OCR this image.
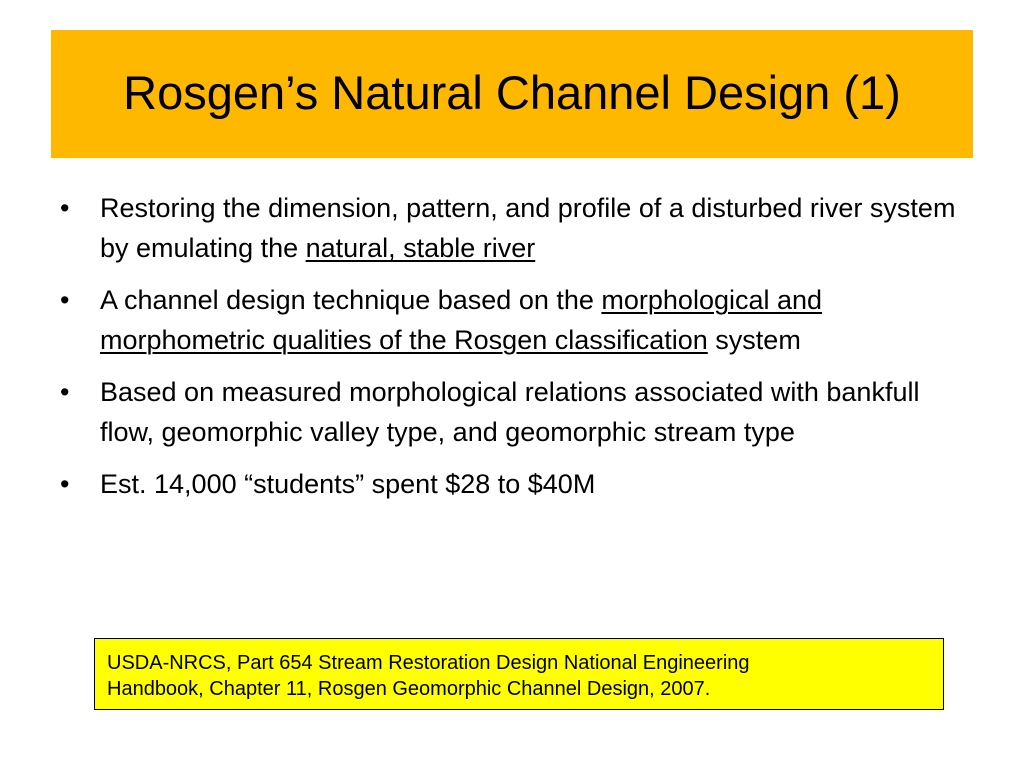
Rosgen’s Natural Channel Design (1)
•	Restoring the dimension, pattern, and profile of a disturbed river system by emulating the natural, stable river
•	A channel design technique based on the morphological and morphometric qualities of the Rosgen classification system
•	Based on measured morphological relations associated with bankfull flow, geomorphic valley type, and geomorphic stream type
•	Est. 14,000 “students” spent $28 to $40M
USDA-NRCS, Part 654 Stream Restoration Design National Engineering
Handbook, Chapter 11, Rosgen Geomorphic Channel Design, 2007.
